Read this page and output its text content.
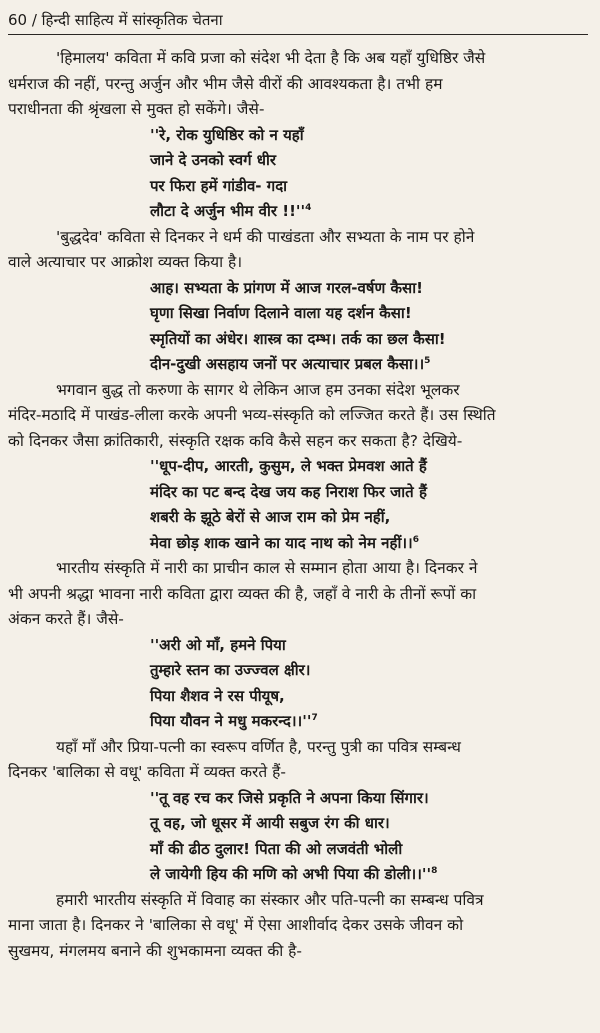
60 / हिन्दी साहित्य में सांस्कृतिक चेतना
'हिमालय' कविता में कवि प्रजा को संदेश भी देता है कि अब यहाँ युधिष्ठिर जैसे
धर्मराज की नहीं, परन्तु अर्जुन और भीम जैसे वीरों की आवश्यकता है। तभी हम
पराधीनता की श्रृंखला से मुक्त हो सकेंगे। जैसे-
''रे, रोक युधिष्ठिर को न यहाँ
जाने दे उनको स्वर्ग धीर
पर फिरा हमें गांडीव- गदा
लौटा दे अर्जुन भीम वीर $!!''^4$
'बुद्धदेव' कविता से दिनकर ने धर्म की पाखंडता और सभ्यता के नाम पर होने
वाले अत्याचार पर आक्रोश व्यक्त किया है।
आह। सभ्यता के प्रांगण में आज गरल-वर्षण कैसा!
घृणा सिखा निर्वाण दिलाने वाला यह दर्शन कैसा!
स्मृतियों का अंधेर। शास्त्र का दम्भ। तर्क का छल कैसा!
दीन-दुखी असहाय जनों पर अत्याचार प्रबल कैसा।।$^5$
भगवान बुद्ध तो करुणा के सागर थे लेकिन आज हम उनका संदेश भूलकर
मंदिर-मठादि में पाखंड-लीला करके अपनी भव्य-संस्कृति को लज्जित करते हैं। उस स्थिति
को दिनकर जैसा क्रांतिकारी, संस्कृति रक्षक कवि कैसे सहन कर सकता है? देखिये-
''धूप-दीप, आरती, कुसुम, ले भक्त प्रेमवश आते हैं
मंदिर का पट बन्द देख जय कह निराश फिर जाते हैं
शबरी के झूठे बेरों से आज राम को प्रेम नहीं,
मेवा छोड़ शाक खाने का याद नाथ को नेम नहीं।।$^6$
भारतीय संस्कृति में नारी का प्राचीन काल से सम्मान होता आया है। दिनकर ने
भी अपनी श्रद्धा भावना नारी कविता द्वारा व्यक्त की है, जहाँ वे नारी के तीनों रूपों का
अंकन करते हैं। जैसे-
''अरी ओ माँ, हमने पिया
तुम्हारे स्तन का उज्ज्वल क्षीर।
पिया शैशव ने रस पीयूष,
पिया यौवन ने मधु $मकरन्द।।''^7$
यहाँ माँ और प्रिया-पत्नी का स्वरूप वर्णित है, परन्तु पुत्री का पवित्र सम्बन्ध
दिनकर 'बालिका से वधू' कविता में व्यक्त करते हैं-
''तू वह रच कर जिसे प्रकृति ने अपना किया सिंगार।
तू वह, जो धूसर में आयी सबुज रंग की धार।
माँ की ढीठ दुलार! पिता की ओ लजवंती भोली
ले जायेगी हिय की मणि को अभी पिया की $डोली।।''^8$
हमारी भारतीय संस्कृति में विवाह का संस्कार और पति-पत्नी का सम्बन्ध पवित्र
माना जाता है। दिनकर ने 'बालिका से वधू' में ऐसा आशीर्वाद देकर उसके जीवन को
सुखमय, मंगलमय बनाने की शुभकामना व्यक्त की है-
